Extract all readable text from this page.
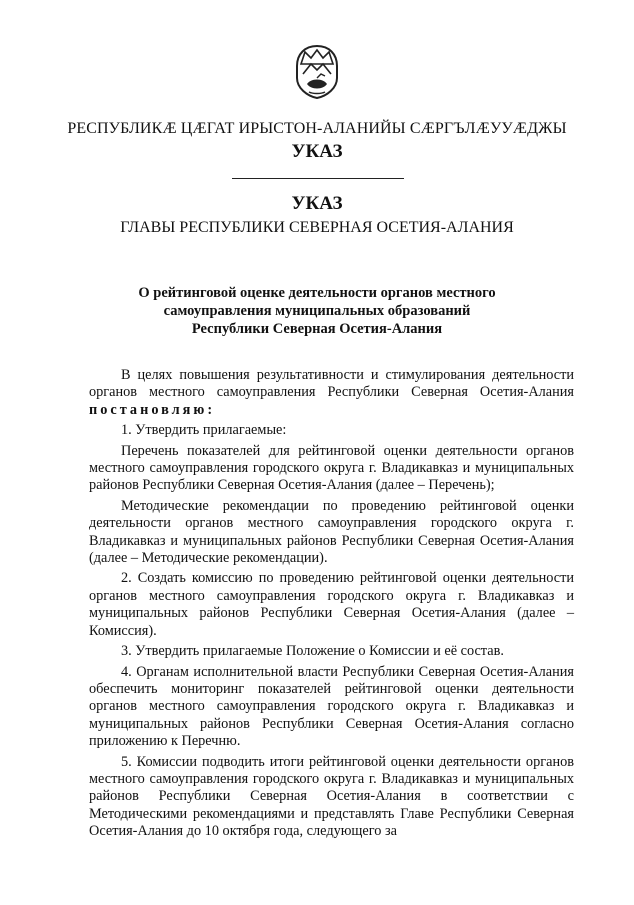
РЕСПУБЛИКӔ ЦӔГАТ ИРЫСТОН-АЛАНИЙЫ СӔРГЪЛӔУУӔДЖЫ
УКАЗ
УКАЗ
ГЛАВЫ РЕСПУБЛИКИ СЕВЕРНАЯ ОСЕТИЯ-АЛАНИЯ
О рейтинговой оценке деятельности органов местного
самоуправления муниципальных образований
Республики Северная Осетия-Алания

В целях повышения результативности и стимулирования деятельности органов местного самоуправления Республики Северная Осетия-Алания постановляю:

1. Утвердить прилагаемые:

Перечень показателей для рейтинговой оценки деятельности органов местного самоуправления городского округа г. Владикавказ и муниципальных районов Республики Северная Осетия-Алания (далее – Перечень);

Методические рекомендации по проведению рейтинговой оценки деятельности органов местного самоуправления городского округа г. Владикавказ и муниципальных районов Республики Северная Осетия-Алания (далее – Методические рекомендации).

2. Создать комиссию по проведению рейтинговой оценки деятельности органов местного самоуправления городского округа г. Владикавказ и муниципальных районов Республики Северная Осетия-Алания (далее – Комиссия).

3. Утвердить прилагаемые Положение о Комиссии и её состав.

4. Органам исполнительной власти Республики Северная Осетия-Алания обеспечить мониторинг показателей рейтинговой оценки деятельности органов местного самоуправления городского округа г. Владикавказ и муниципальных районов Республики Северная Осетия-Алания согласно приложению к Перечню.

5. Комиссии подводить итоги рейтинговой оценки деятельности органов местного самоуправления городского округа г. Владикавказ и муниципальных районов Республики Северная Осетия-Алания в соответствии с Методическими рекомендациями и представлять Главе Республики Северная Осетия-Алания до 10 октября года, следующего за
